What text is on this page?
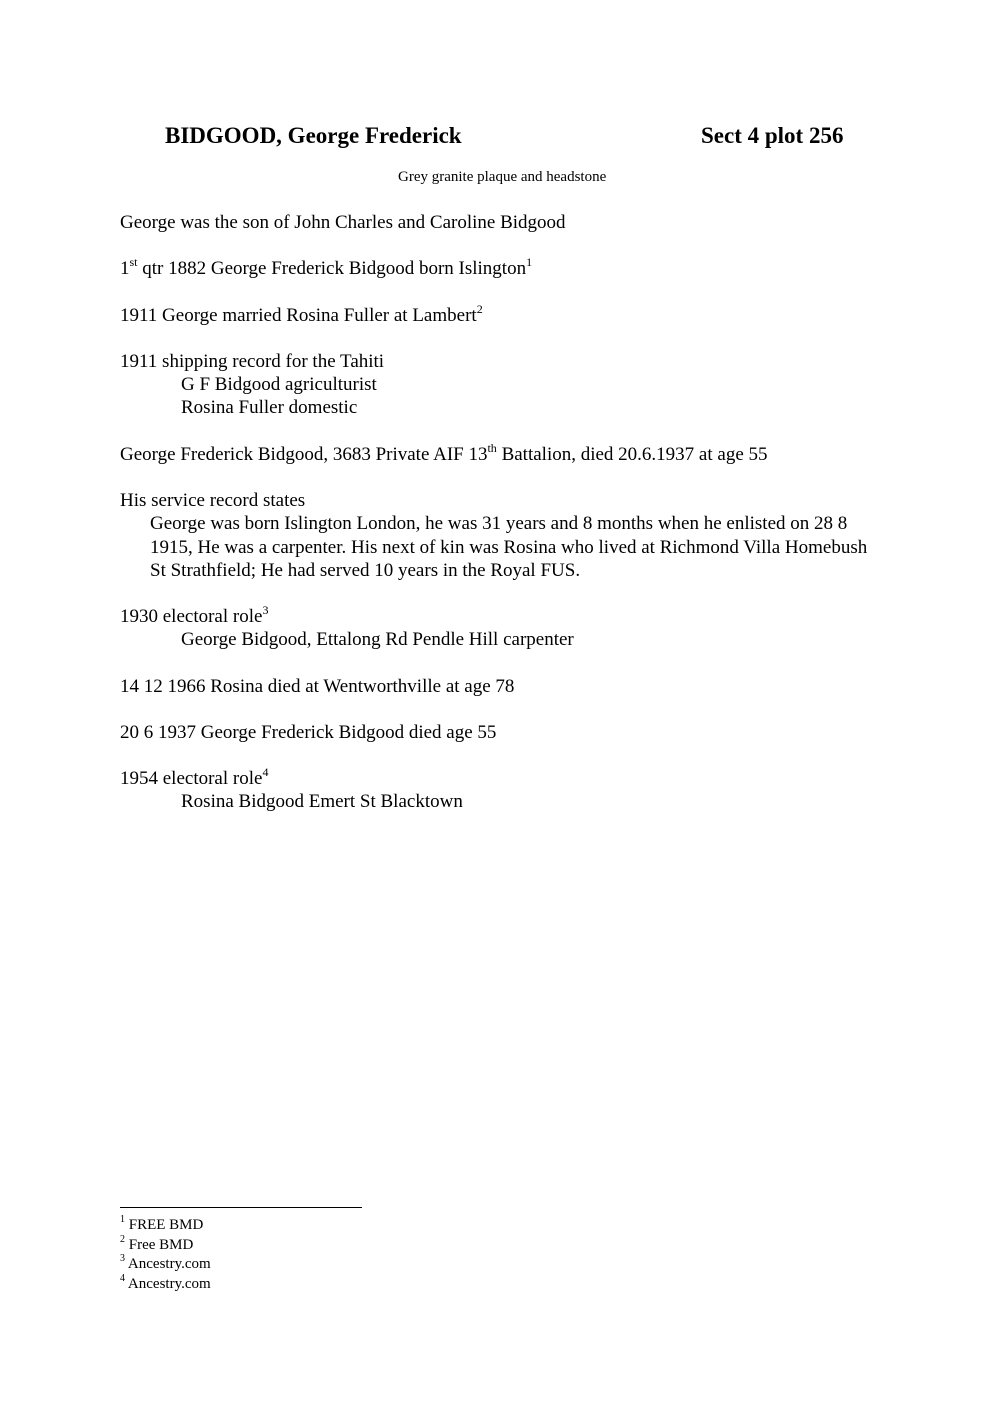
BIDGOOD, George Frederick	Sect 4 plot 256
Grey granite plaque and headstone
George was the son of John Charles and Caroline Bidgood
1st qtr 1882 George Frederick Bidgood born Islington$^1$
1911 George married Rosina Fuller at Lambert$^2$
1911 shipping record for the Tahiti
G F Bidgood agriculturist
Rosina Fuller domestic
George Frederick Bidgood, 3683 Private AIF 13th Battalion, died 20.6.1937 at age 55
His service record states
George was born Islington London, he was 31 years and 8 months when he enlisted on 28 8 1915, He was a carpenter. His next of kin was Rosina who lived at Richmond Villa Homebush St Strathfield; He had served 10 years in the Royal FUS.
1930 electoral role$^3$
George Bidgood, Ettalong Rd Pendle Hill carpenter
14 12 1966 Rosina died at Wentworthville at age 78
20 6 1937 George Frederick Bidgood died age 55
1954 electoral role$^4$
Rosina Bidgood Emert St Blacktown
$^1$ FREE BMD
$^2$ Free BMD
$^3$ Ancestry.com
$^4$ Ancestry.com
